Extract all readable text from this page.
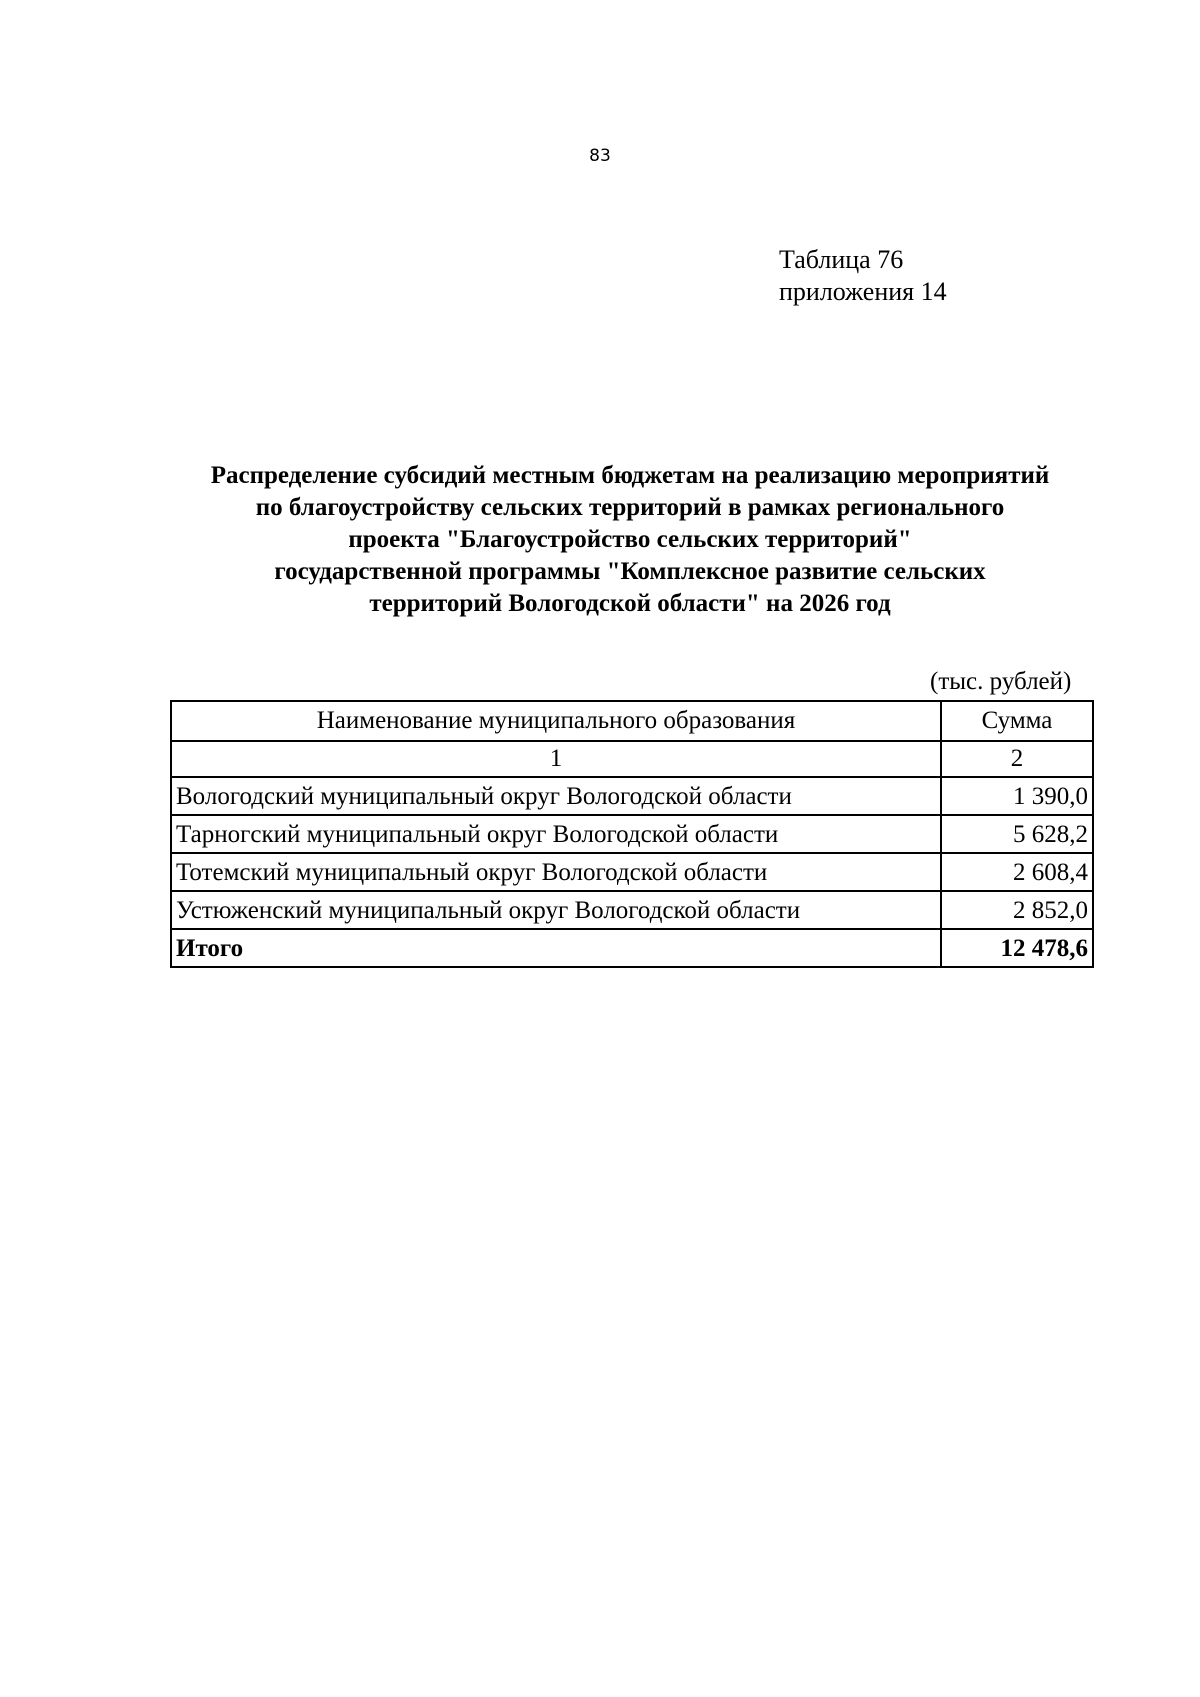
83
Таблица 76
приложения 14
Распределение субсидий местным бюджетам на реализацию мероприятий
по благоустройству сельских территорий в рамках регионального
проекта "Благоустройство сельских территорий"
государственной программы "Комплексное развитие сельских
территорий Вологодской области" на 2026 год
(тыс. рублей)
Наименование муниципального образования	Сумма
1	2
Вологодский муниципальный округ Вологодской области	1 390,0
Тарногский муниципальный округ Вологодской области	5 628,2
Тотемский муниципальный округ Вологодской области	2 608,4
Устюженский муниципальный округ Вологодской области	2 852,0
Итого	12 478,6
